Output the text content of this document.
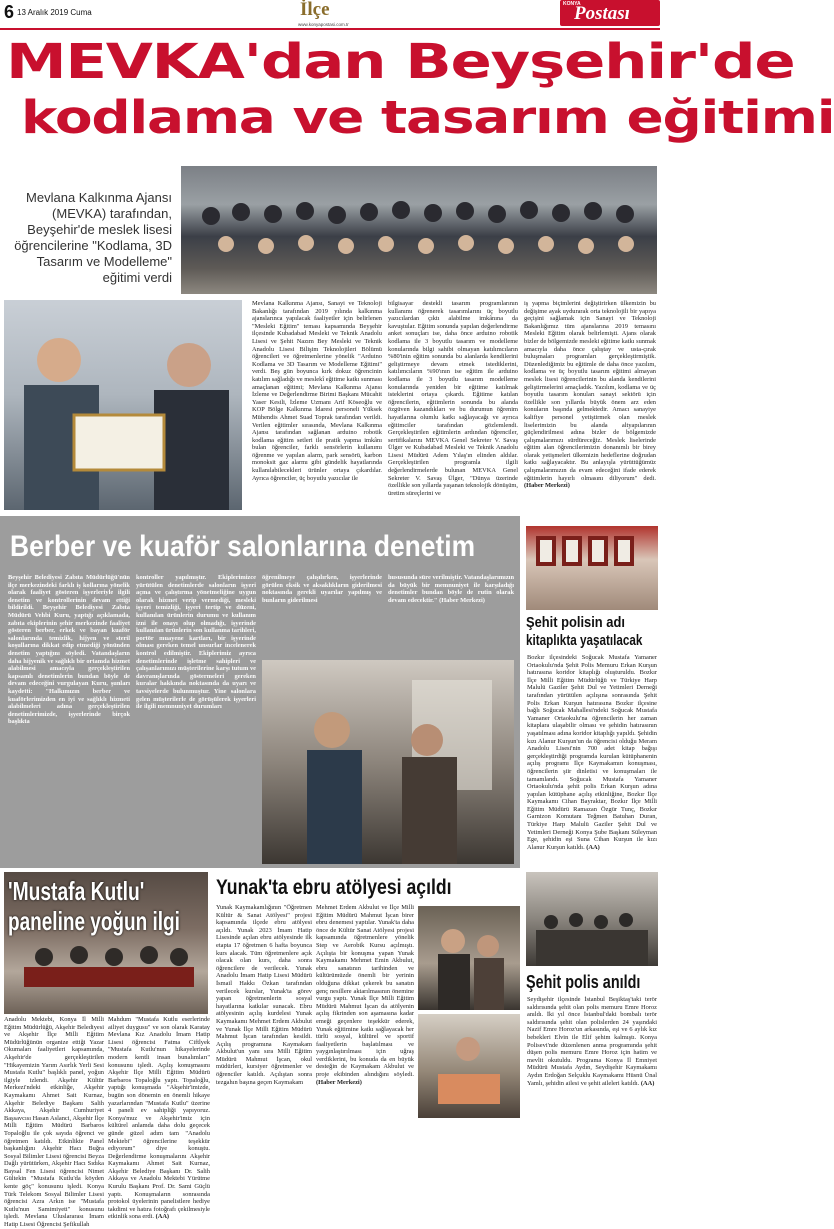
6 13 Aralık 2019 Cuma	İlçe
www.konyapostasi.com.tr
KONYA
Postası
MEVKA'dan Beyşehir'de
kodlama ve tasarım eğitimi
Mevlana Kalkınma Ajansı (MEVKA) tarafından, Beyşehir'de meslek lisesi öğrencilerine "Kodlama, 3D Tasarım ve Modelleme" eğitimi verdi
Mevlana Kalkınma Ajansı, Sanayi ve Teknoloji Bakanlığı tarafından 2019 yılında kalkınma ajanslarınca yapılacak faaliyetler için belirlenen "Mesleki Eğitim" teması kapsamında Beyşehir ilçesinde Kubadabad Mesleki ve Teknik Anadolu Lisesi ve Şehit Nazım Bey Mesleki ve Teknik Anadolu Lisesi Bilişim Teknolojileri Bölümü öğrencileri ve öğretmenlerine yönelik "Arduino Kodlama ve 3D Tasarım ve Modelleme Eğitimi" verdi. Beş gün boyunca kırk dokuz öğrencinin katılım sağladığı ve meslekî eğitime katkı sunması amaçlanan eğitimi; Mevlana Kalkınma Ajansı İzleme ve Değerlendirme Birimi Başkanı Mücahit Yaser Kesili, İzleme Uzmanı Arif Köseoğlu ve KOP Bölge Kalkınma İdaresi personeli Yüksek Mühendis Ahmet Suad Toprak tarafından verildi. Verilen eğitimler sırasında, Mevlana Kalkınma Ajansı tarafından sağlanan arduino robotik kodlama eğitim setleri ile pratik yapma imkânı bulan öğrenciler, farklı sensörlerin kullanımı öğrenme ve yapılan alarm, park sensörü, karbon monoksit gaz alarmı gibi gündelik hayatlarında kullanılabilecekleri ürünler ortaya çıkardılar. Ayrıca öğrenciler, üç boyutlu yazıcılar ile
bilgisayar destekli tasarım programlarının kullanımı öğrenerek tasarımlarını üç boyutlu yazıcılardan çıktı alabilme imkânına da kavuştular. Eğitim sonunda yapılan değerlendirme anket sonuçları ise, daha önce arduino robotik kodlama ile 3 boyutlu tasarım ve modelleme konularında bilgi sahibi olmayan katılımcıların %80'inin eğitim sonunda bu alanlarda kendilerini geliştirmeye devam etmek istediklerini, katılımcıların %90'ının ise eğitim ile arduino kodlama ile 3 boyutlu tasarım modelleme konularında yeniden bir eğitime katılmak isteklerini ortaya çıkardı. Eğitime katılan öğrencilerin, eğitimlerin sonunda bu alanda özgüven kazandıkları ve bu durumun öğrenim hayatlarına olumlu katkı sağlayacağı ve ayrıca eğitimciler tarafından gözlemlendi. Gerçekleştirilen eğitimlerin ardından öğrenciler, sertifikalarını MEVKA Genel Sekreter V. Savaş Ülger ve Kubadabad Mesleki ve Teknik Anadolu Lisesi Müdürü Adem Yılaş'ın elinden aldılar. Gerçekleştirilen programla ilgili değerlendirmelerde bulunan MEVKA Genel Sekreter V. Savaş Ülger, "Dünya üzerinde özellikle son yıllarda yaşanan teknolojik dönüşüm, üretim süreçlerini ve
iş yapma biçimlerini değiştirirken ülkemizin bu değişime ayak uydurarak orta teknolojili bir yapıya geçişini sağlamak için Sanayi ve Teknoloji Bakanlığımız tüm ajanslarına 2019 temasını Mesleki Eğitim olarak belirlemişti. Ajans olarak bizler de bölgemizde mesleki eğitime katkı sunmak amacıyla daha önce çalıştay ve usta-çırak buluşmaları programları gerçekleştirmiştik. Düzenlediğimiz bu eğitimle de daha önce yazılım, kodlama ve üç boyutlu tasarım eğitimi almayan meslek lisesi öğrencilerinin bu alanda kendilerini geliştirmelerini amaçladık. Yazılım, kodlama ve üç boyutlu tasarım konuları sanayi sektörü için özellikle son yıllarda büyük önem arz eden konuların başında gelmektedir. Amacı sanayiye kalifiye personel yetiştirmek olan meslek liselerimizin bu alanda altyapılarının güçlendirilmesi adına bizler de bölgemizde çalışmalarımızı sürdüreceğiz. Meslek liselerinde eğitim alan öğrencilerimizin donanımlı bir birey olarak yetişmeleri ülkemizin hedeflerine doğrudan katkı sağlayacaktır. Bu anlayışla yürüttüğümüz çalışmalarımızın da evam edeceğini ifade ederek eğitimlerin hayırlı olmasını diliyorum" dedi. (Haber Merkezi)
Berber ve kuaför salonlarına denetim
Beyşehir Belediyesi Zabıta Müdürlüğü'nün ilçe merkezindeki farklı iş kollarına yönelik olarak faaliyet gösteren işyerleriyle ilgili denetim ve kontrollerinin devam ettiği bildirildi. Beyşehir Belediyesi Zabıta Müdürü Vehbi Kuru, yaptığı açıklamada, zabıta ekiplerinin şehir merkezinde faaliyet gösteren berber, erkek ve bayan kuaför salonlarında temizlik, hijyen ve steril koşullarına dikkat edip etmediği yönünden denetim yaptığını söyledi. Vatandaşların daha hijyenik ve sağlıklı bir ortamda hizmet alabilmesi amacıyla gerçekleştirilen kapsamlı denetimlerin bundan böyle de devam edeceğini vurgulayan Kuru, şunları kaydetti: "Halkımızın berber ve kuaförlerimizden en iyi ve sağlıklı hizmeti alabilmeleri adına gerçekleştirilen denetimlerimizde, işyerlerinde birçok başlıkta
kontroller yapılmıştır. Ekiplerimizce yürütülen denetimlerde salonların işyeri açma ve çalıştırma yönetmeliğine uygun olarak hizmet verip vermediği, mesleki işyeri temizliği, işyeri tertip ve düzeni, kullanılan ürünlerin durumu ve kullanım izni ile onayı olup olmadığı, işyerinde kullanılan ürünlerin son kullanma tarihleri, portör muayene kartları, bir işyerinde olması gereken temel unsurlar incelenerek kontrol edilmiştir. Ekiplerimiz ayrıca denetimlerinde işletme sahipleri ve çalışanlarımızı müşterilerine karşı tutum ve davranışlarında göstermeleri gereken kuralar hakkında noktasında da uyarı ve tavsiyelerde bulunmuştur. Yine salonlara gelen müşterilerle de görüşülerek işyerleri ile ilgili memnuniyet durumları
öğrenilmeye çalışılırken, işyerlerinde görülen eksik ve aksaklıkların giderilmesi noktasında gerekli uyarılar yapılmış ve bunların giderilmesi
hususunda süre verilmiştir. Vatandaşlarımızın da büyük bir memnuniyet ile karşıladığı denetimler bundan böyle de rutin olarak devam edecektir." (Haber Merkezi)
Şehit polisin adı
kitaplıkta yaşatılacak
Bozkır ilçesindeki Soğucak Mustafa Yamaner Ortaokulu'nda Şehit Polis Memuru Erkan Kurşun hatırasına koridor kitaplığı oluşturuldu. Bozkır İlçe Milli Eğitim Müdürlüğü ve Türkiye Harp Malulü Gaziler Şehit Dul ve Yetimleri Derneği tarafından yürütülen açılışına sonrasında Şehit Polis Erkan Kurşun hatırasına Bozkır ilçesine bağlı Soğucak Mahallesi'ndeki Soğucak Mustafa Yamaner Ortaokulu'na öğrencilerin her zaman kitaplara ulaşabilir olması ve şehidin hatırasının yaşatılması adına koridor kitaplığı yapıldı. Şehidin kızı Alanur Kurşun'un da öğrencisi olduğu Meram Anadolu Lisesi'nin 700 adet kitap bağışı gerçekleştirdiği programda kurulan kütüphanenin açılış programı İlçe Kaymakamın konuşması, öğrencilerin şiir dinletisi ve konuşmaları ile tamamlandı. Soğucak Mustafa Yamaner Ortaokulu'nda şehit polis Erkan Kurşun adına yapılan kütüphane açılış etkinliğine, Bozkır İlçe Kaymakamı Cihan Bayraktar, Bozkır İlçe Milli Eğitim Müdürü Ramazan Özgür Tunç, Bozkır Garnizon Komutanı Teğmen Batuhan Duran, Türkiye Harp Malulü Gaziler Şehit Dul ve Yetimleri Derneği Konya Şube Başkanı Süleyman Ege, şehidin eşi Suna Cihan Kurşun ile kızı Alanur Kurşun katıldı. (AA)
'Mustafa Kutlu'
paneline yoğun ilgi
Anadolu Mektebi, Konya İl Milli Eğitim Müdürlüğü, Akşehir Belediyesi ve Akşehir İlçe Milli Eğitim Müdürlüğünün organize ettiği Yazar Okumaları faaliyetleri kapsamında, Akşehir'de gerçekleştirilen "Hikayemizin Yarım Asırlık Yerli Sesi Mustafa Kutlu" başlıklı panel, yoğun ilgiyle izlendi. Akşehir Kültür Merkezi'ndeki etkinliğe, Akşehir Kaymakamı Ahmet Sait Kurnaz, Akşehir Belediye Başkanı Salih Akkaya, Akşehir Cumhuriyet Başsavcısı Hasan Aslanci, Akşehir İlçe Milli Eğitim Müdürü Barbaros Topaloğlu ile çok sayıda öğrenci ve öğretmen katıldı. Etkinlikte Panel başkanlığını Akşehir Hacı Buğra Sosyal Bilimler Lisesi öğrencisi Beyza Dağlı yürütürken, Akşehir Hacı Sıdıka Baysal Fen Lisesi öğrencisi Nimet Gültekin "Mustafa Kutlu'da köyden kente göç" konusunu işledi. Konya Türk Telekom Sosyal Bilimler Lisesi öğrencisi Azra Arkın ise "Mustafa Kutlu'nun Samimiyeti" konusunu işledi. Mevlana Uluslararası İmam Hatip Lisesi Öğrencisi Şefikullah
Mahdum "Mustafa Kutlu eserlerinde ailiyet duygusu" ve son olarak Karatay Mevlana Kız Anadolu İmam Hatip Lisesi öğrencisi Fatma Ciftlyek "Mustafa Kutlu'nun hikayelerinde modern kentli insan bunalımları" konusunu işledi. Açılış konuşmasını Akşehir İlçe Milli Eğitim Müdürü Barbaros Topaloğlu yaptı. Topaloğlu, yaptığı konuşmada "Akşehir'imizde, bugün son dönemin en önemli hikaye yazarlarından "Mustafa Kutlu" üzerine 4 paneli ev sahipliği yapıyoruz. Konya'muz ve Akşehir'imiz için kültürel anlamda daha dolu geçecek günde güzel adım tam "Anadolu Mektebi" öğrencilerine teşekkür ediyorum" diye konuştu. Değerlendirme konuşmalarını Akşehir Kaymakamı Ahmet Sait Kurnaz, Akşehir Belediye Başkanı Dr. Salih Akkaya ve Anadolu Mektebi Yürütme Kurulu Başkanı Prof. Dr. Sami Güçlü yaptı. Konuşmaların sonrasında protokol üyelerinin panelistlere hediye takdimi ve hatıra fotoğrafı çekilmesiyle etkinlik sona erdi. (AA)
Yunak'ta ebru atölyesi açıldı
Yunak Kaymakamlığının "Öğretmen Kültür & Sanat Atölyesi" projesi kapsamında ilçede ebru atölyesi açıldı. Yunak 2023 İmam Hatip Lisesinde açılan ebru atölyesinde ilk etapta 17 öğretmen 6 hafta boyunca kurs alacak. Tüm öğretmenlere açık olacak olan kurs, daha sonra öğrencilere de verilecek. Yunak Anadolu İmam Hatip Lisesi Müdürü İsmail Hakkı Özkan tarafından verilecek kurslar, Yunak'ta görev yapan öğretmenlerin sosyal hayatlarına katkılar sunacak. Ebru atölyesinin açılış kurdelesi Yunak Kaymakamı Mehmet Erdem Akbulut ve Yunak İlçe Milli Eğitim Müdürü Mahmut İşcan tarafından kesildi. Açılış programına Kaymakam Akbulut'un yanı sıra Milli Eğitim Müdürü Mahmut İşcan, okul müdürleri, kursiyer öğretmenler ve öğrenciler katıldı. Açılıştan sonra tezgahın başına geçen Kaymakam
Mehmet Erdem Akbulut ve İlçe Milli Eğitim Müdürü Mahmut İşcan birer ebru denemesi yaptılar. Yunak'ta daha önce de Kültür Sanat Atölyesi projesi kapsamında öğretmenlere yönelik Step ve Aerobik Kursu açılmıştı. Açılışta bir konuşma yapan Yunak Kaymakamı Mehmet Emin Akbulut, ebru sanatının tarihinden ve kültürümüzde önemli bir yerinin olduğuna dikkat çekerek bu sanatın genç nesillere aktarılmasının önemine vurgu yaptı. Yunak İlçe Milli Eğitim Müdürü Mahmut İşcan da atölyenin açılış fikrinden son aşamasına kadar emeği geçenlere teşekkür ederek, Yunak eğitimine katkı sağlayacak her türlü sosyal, kültürel ve sportif faaliyetlerin başlatılması ve yaygınlaştırılması için uğraş verdiklerini, bu konuda da en büyük desteğin de Kaymakam Akbulut ve proje ekibinden alındığını söyledi. (Haber Merkezi)
Şehit polis anıldı
Seydişehir ilçesinde İstanbul Beşiktaş'taki terör saldırısında şehit olan polis memuru Emre Horoz anıldı. İki yıl önce İstanbul'daki bombalı terör saldırısında şehit olan polislerden 24 yaşındaki Nazif Emre Horoz'un arkasında, eşi ve 6 aylık kız bebekleri Elvin ile Elif şehim kalmıştı. Konya Polisevi'nde düzenlenen anma programında şehit düşen polis memuru Emre Horoz için hatim ve mevlit okutuldu. Programa Konya İl Emniyet Müdürü Mustafa Aydın, Seydişehir Kaymakamı Aydın Erdoğan Selçuklu Kaymakamı Hüsnü Ünal Yamlı, şehidin ailesi ve şehit aileleri katıldı. (AA)
